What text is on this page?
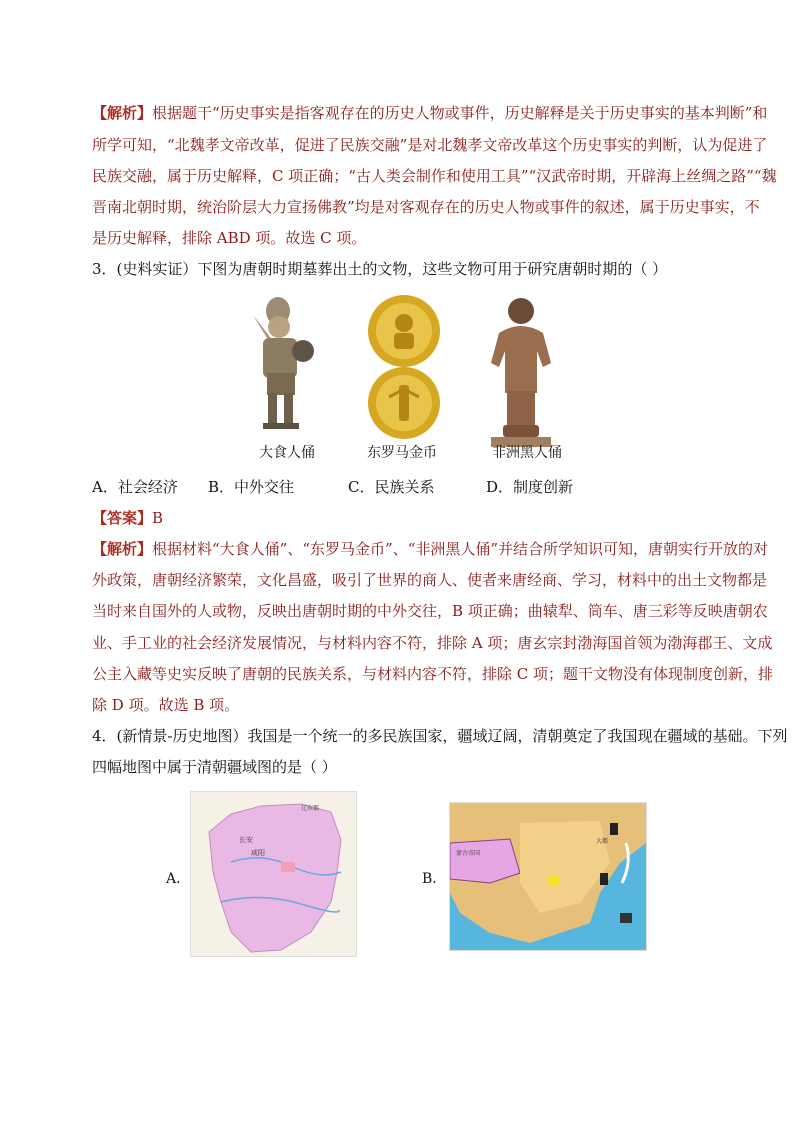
【解析】根据题干“历史事实是指客观存在的历史人物或事件，历史解释是关于历史事实的基本判断”和
所学可知，“北魏孝文帝改革，促进了民族交融”是对北魏孝文帝改革这个历史事实的判断，认为促进了
民族交融，属于历史解释，C 项正确；“古人类会制作和使用工具”“汉武帝时期，开辟海上丝绸之路”“魏
晋南北朝时期，统治阶层大力宣扬佛教”均是对客观存在的历史人物或事件的叙述，属于历史事实，不
是历史解释，排除 ABD 项。故选 C 项。
3．(史料实证）下图为唐朝时期墓葬出土的文物，这些文物可用于研究唐朝时期的（ ）
大食人俑	东罗马金币	非洲黑人俑
A．社会经济 B．中外交往	C．民族关系	D．制度创新
【答案】B
【解析】根据材料“大食人俑”、“东罗马金币”、“非洲黑人俑”并结合所学知识可知，唐朝实行开放的对
外政策，唐朝经济繁荣，文化昌盛，吸引了世界的商人、使者来唐经商、学习，材料中的出土文物都是
当时来自国外的人或物，反映出唐朝时期的中外交往，B 项正确；曲辕犁、筒车、唐三彩等反映唐朝农
业、手工业的社会经济发展情况，与材料内容不符，排除 A 项；唐玄宗封渤海国首领为渤海郡王、文成
公主入藏等史实反映了唐朝的民族关系，与材料内容不符，排除 C 项；题干文物没有体现制度创新，排
除 D 项。故选 B 项。
4．(新情景-历史地图）我国是一个统一的多民族国家，疆域辽阔，清朝奠定了我国现在疆域的基础。下列
四幅地图中属于清朝疆域图的是（ ）
A．
咸阳
长安
辽东郡
B．
蒙古帝国
大都
